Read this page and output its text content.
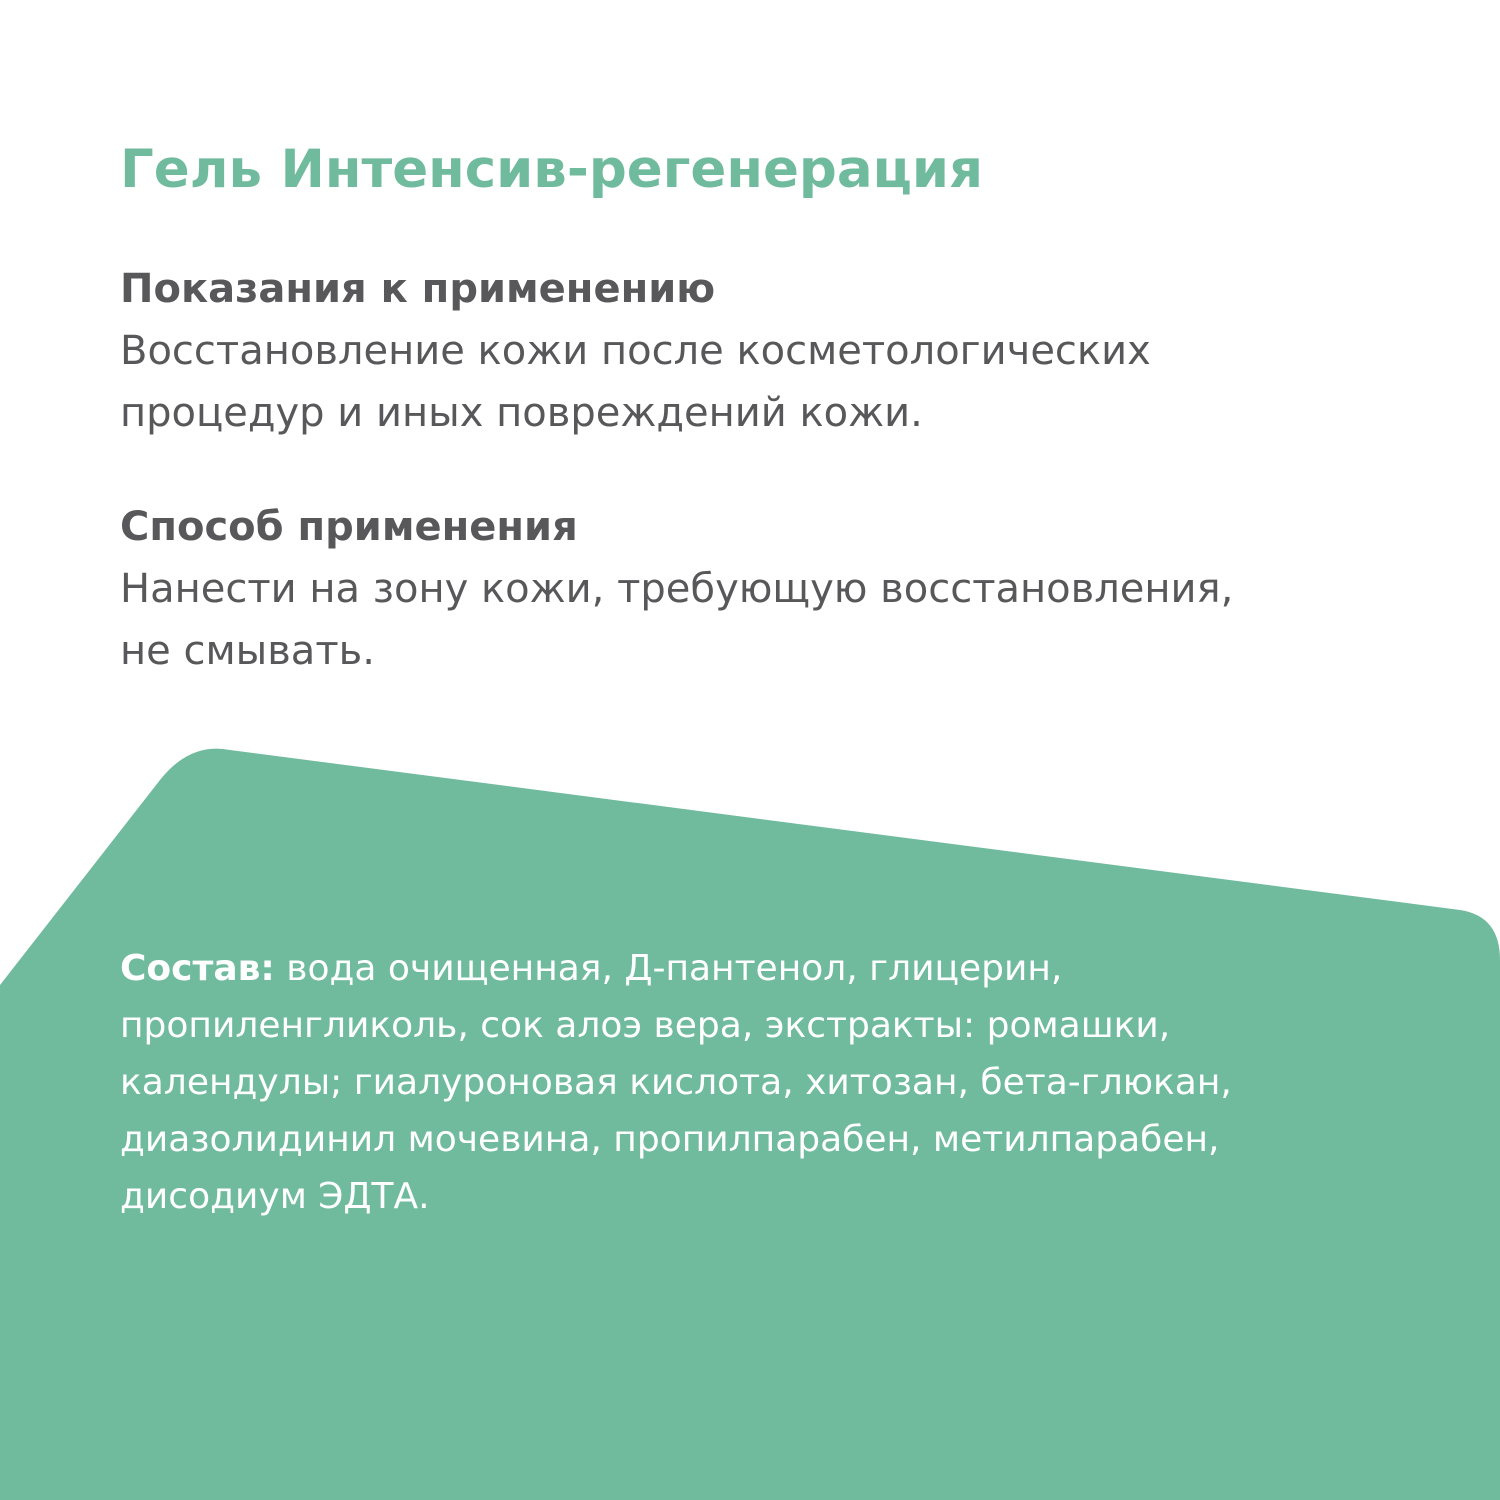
Гель Интенсив-регенерация
Показания к применению

Восстановление кожи после косметологических
процедур и иных повреждений кожи.

Способ применения

Нанести на зону кожи, требующую восстановления,
не смывать.

Состав: вода очищенная, Д-пантенол, глицерин,
пропиленгликоль, сок алоэ вера, экстракты: ромашки,
календулы; гиалуроновая кислота, хитозан, бета-глюкан,
диазолидинил мочевина, пропилпарабен, метилпарабен,
дисодиум ЭДТА.
